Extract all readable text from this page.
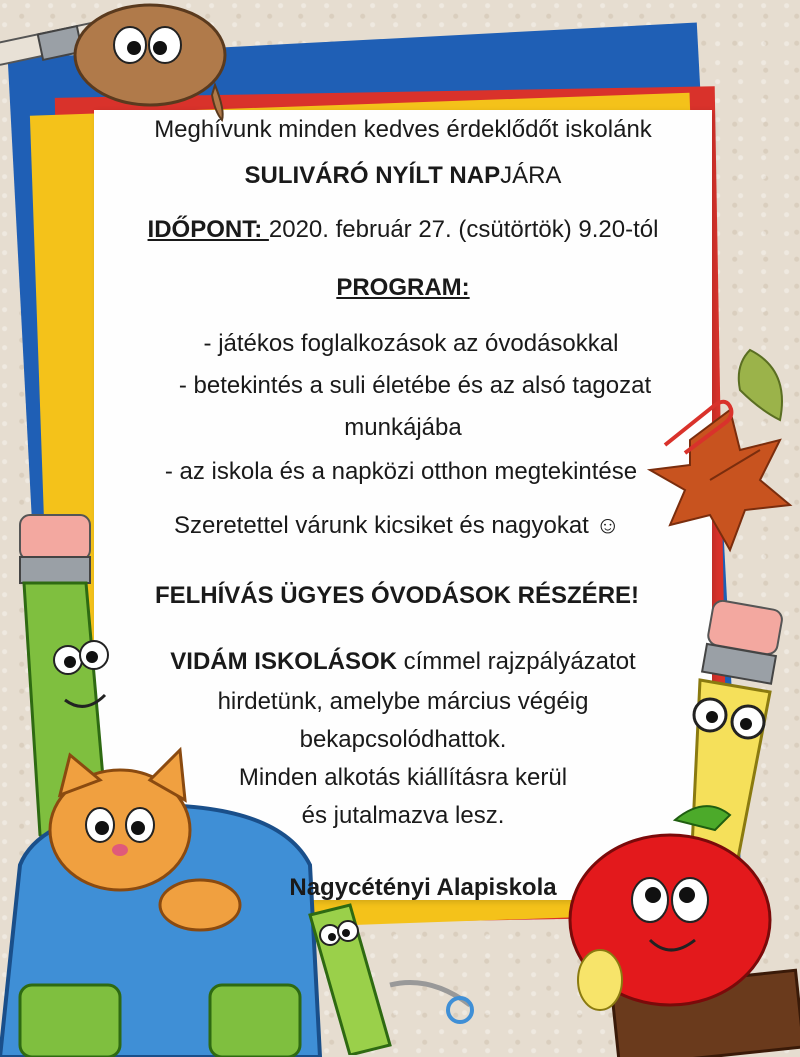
Meghívunk minden kedves érdeklődőt iskolánk

SULIVÁRÓ NYÍLT NAPJÁRA

IDŐPONT: 2020. február 27. (csütörtök) 9.20-tól

PROGRAM:

- játékos foglalkozások az óvodásokkal

- betekintés a suli életébe és az alsó tagozat

munkájába

- az iskola és a napközi otthon megtekintése

Szeretettel várunk kicsiket és nagyokat ☺

FELHÍVÁS ÜGYES ÓVODÁSOK RÉSZÉRE!

VIDÁM ISKOLÁSOK címmel rajzpályázatot

hirdetünk, amelybe március végéig

bekapcsolódhattok.

Minden alkotás kiállításra kerül

és jutalmazva lesz.

Nagycétényi Alapiskola
